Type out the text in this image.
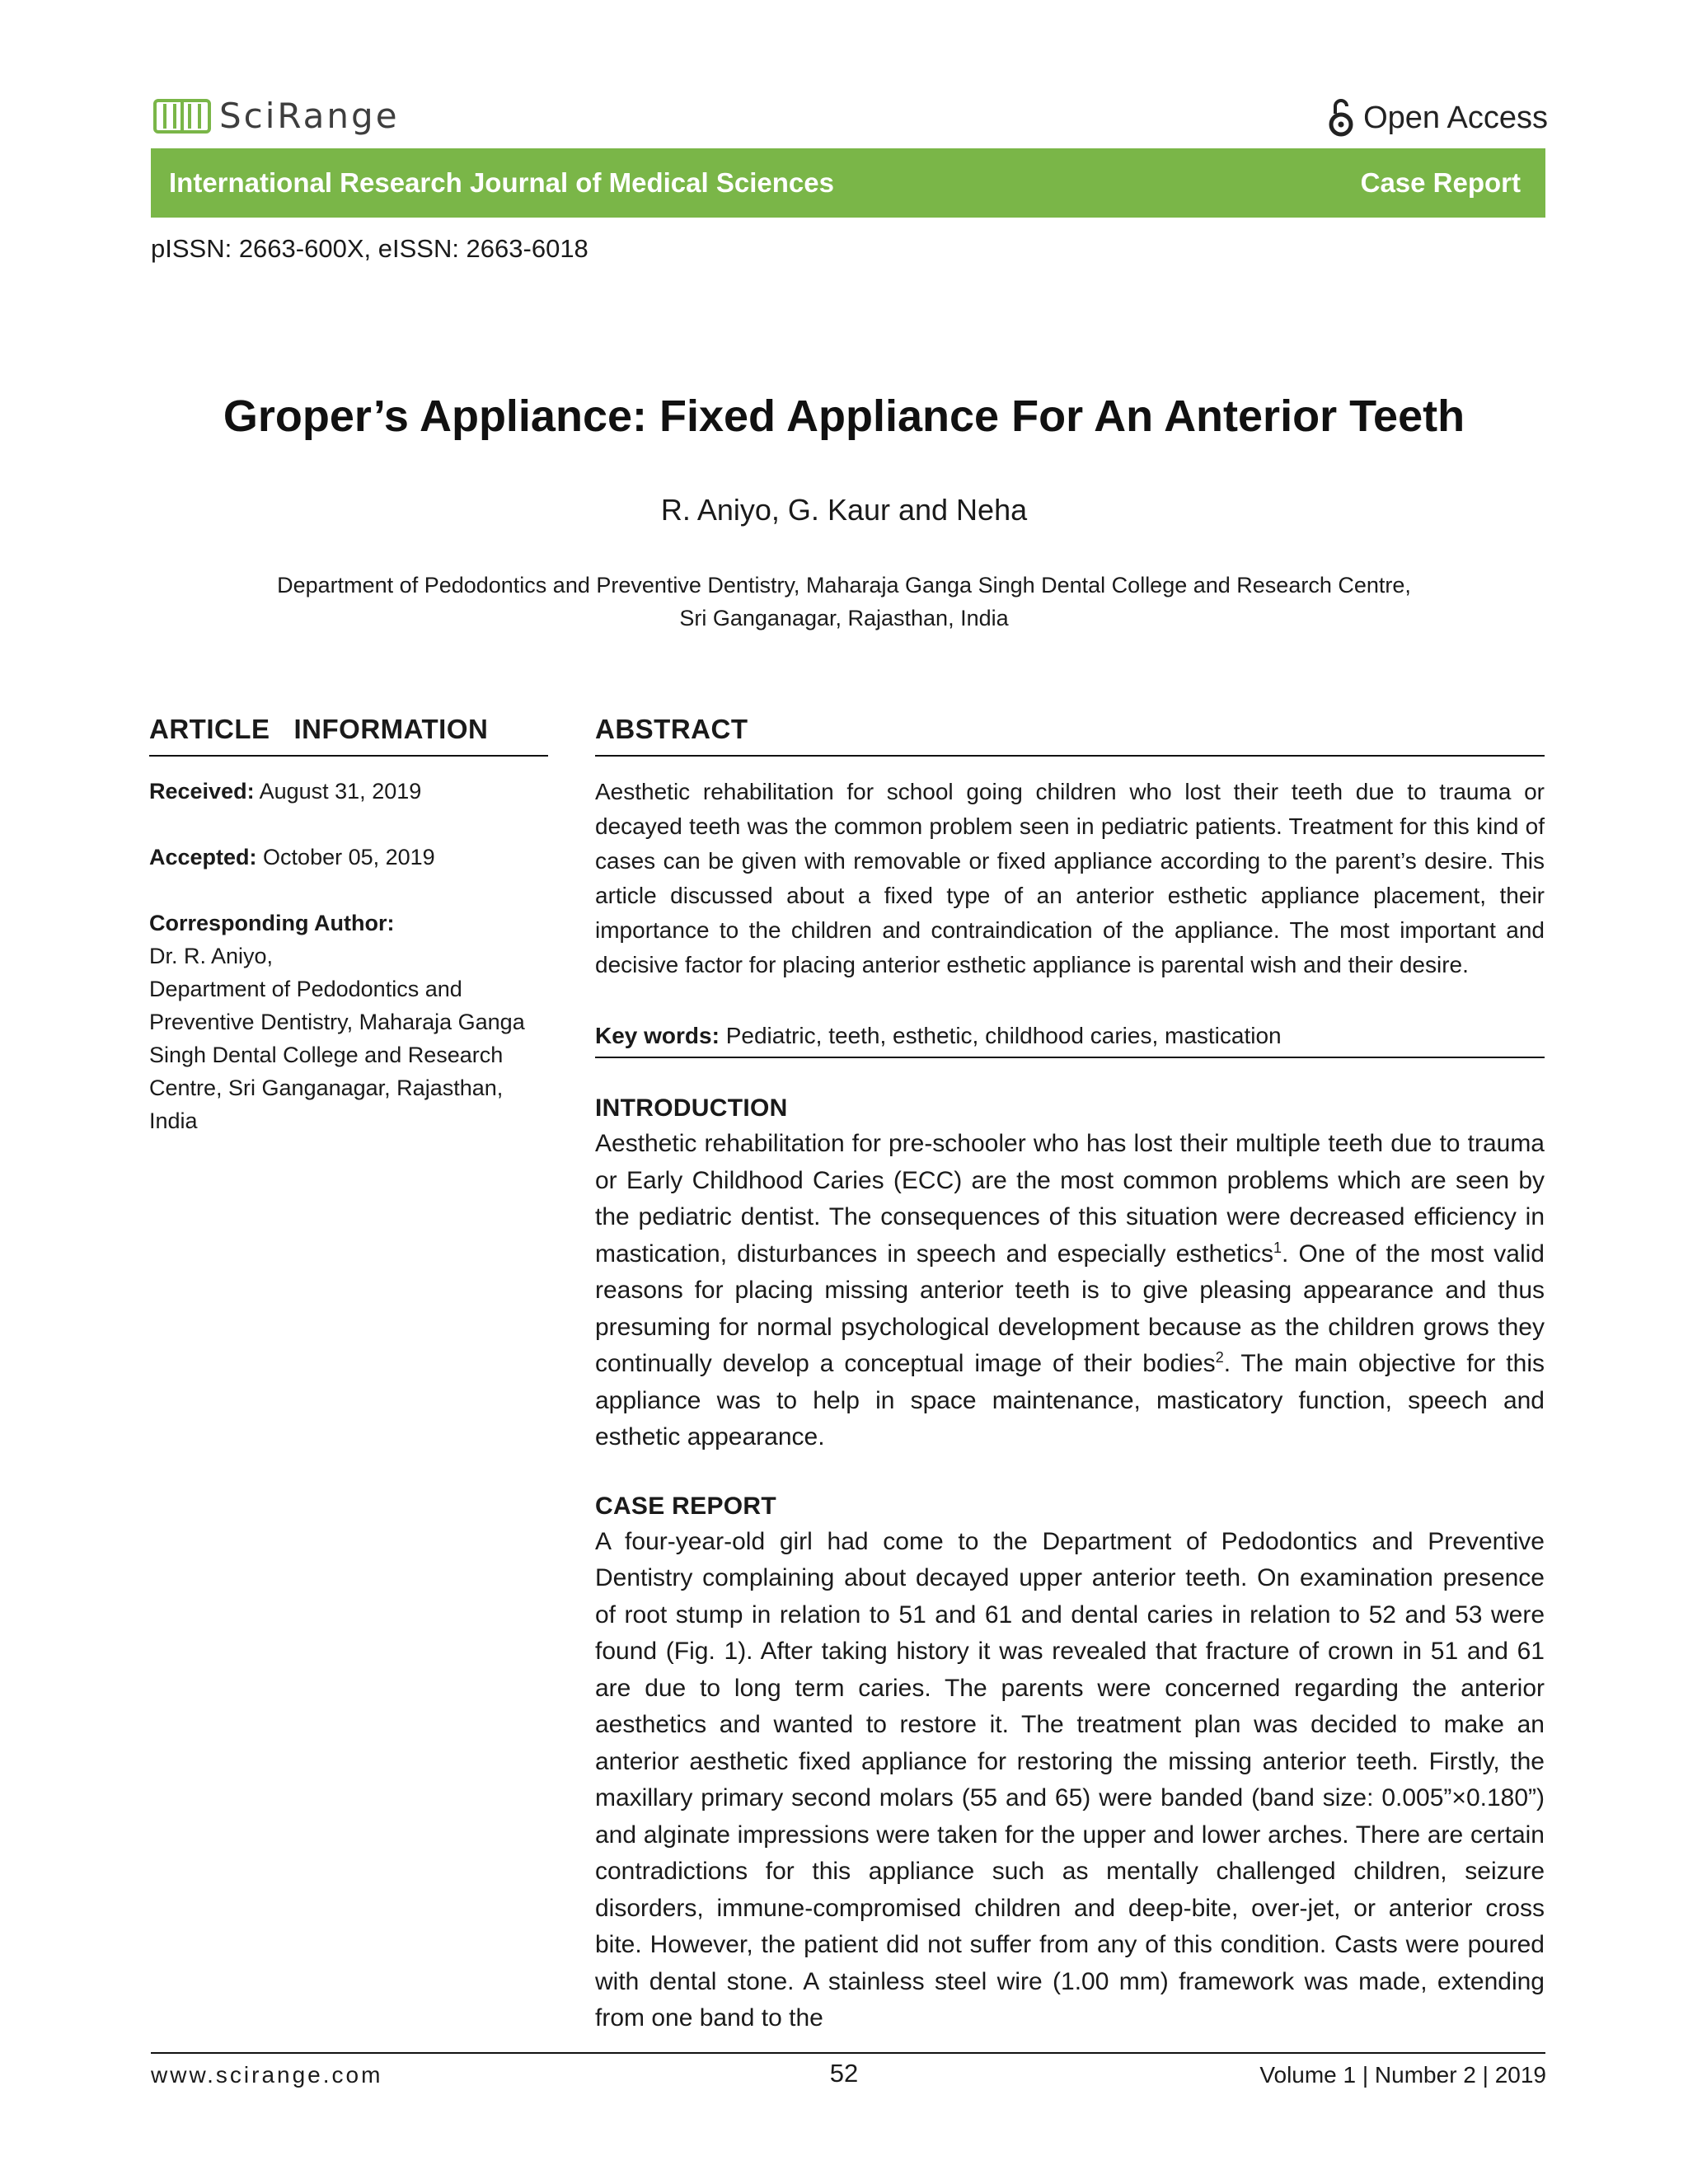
SciRange	Open Access
International Research Journal of Medical Sciences	Case Report
pISSN: 2663-600X, eISSN: 2663-6018
Groper’s Appliance: Fixed Appliance For An Anterior Teeth
R. Aniyo, G. Kaur and Neha
Department of Pedodontics and Preventive Dentistry, Maharaja Ganga Singh Dental College and Research Centre,
Sri Ganganagar, Rajasthan, India
ARTICLE   INFORMATION
Received: August 31, 2019
Accepted: October 05, 2019
Corresponding Author:
Dr. R. Aniyo,
Department of Pedodontics and
Preventive Dentistry, Maharaja Ganga
Singh Dental College and Research
Centre, Sri Ganganagar, Rajasthan,
India
ABSTRACT

Aesthetic rehabilitation for school going children who lost their teeth due to trauma or decayed teeth was the common problem seen in pediatric patients. Treatment for this kind of cases can be given with removable or fixed appliance according to the parent’s desire. This article discussed about a fixed type of an anterior esthetic appliance placement, their importance to the children and contraindication of the appliance. The most important and decisive factor for placing anterior esthetic appliance is parental wish and their desire.

Key words: Pediatric, teeth, esthetic, childhood caries, mastication
INTRODUCTION

Aesthetic rehabilitation for pre-schooler who has lost their multiple teeth due to trauma or Early Childhood Caries (ECC) are the most common problems which are seen by the pediatric dentist. The consequences of this situation were decreased efficiency in mastication, disturbances in speech and especially esthetics$^1$. One of the most valid reasons for placing missing anterior teeth is to give pleasing appearance and thus presuming for normal psychological development because as the children grows they continually develop a conceptual image of their bodies$^2$. The main objective for this appliance was to help in space maintenance, masticatory function, speech and esthetic appearance.

CASE REPORT

A four-year-old girl had come to the Department of Pedodontics and Preventive Dentistry complaining about decayed upper anterior teeth. On examination presence of root stump in relation to 51 and 61 and dental caries in relation to 52 and 53 were found (Fig. 1). After taking history it was revealed that fracture of crown in 51 and 61 are due to long term caries. The parents were concerned regarding the anterior aesthetics and wanted to restore it. The treatment plan was decided to make an anterior aesthetic fixed appliance for restoring the missing anterior teeth. Firstly, the maxillary primary second molars (55 and 65) were banded (band size: 0.005”×0.180”) and alginate impressions were taken for the upper and lower arches. There are certain contradictions for this appliance such as mentally challenged children, seizure disorders, immune-compromised children and deep-bite, over-jet, or anterior cross bite. However, the patient did not suffer from any of this condition. Casts were poured with dental stone. A stainless steel wire (1.00 mm) framework was made, extending from one band to the

www.scirange.com	52	Volume 1 | Number 2 | 2019
